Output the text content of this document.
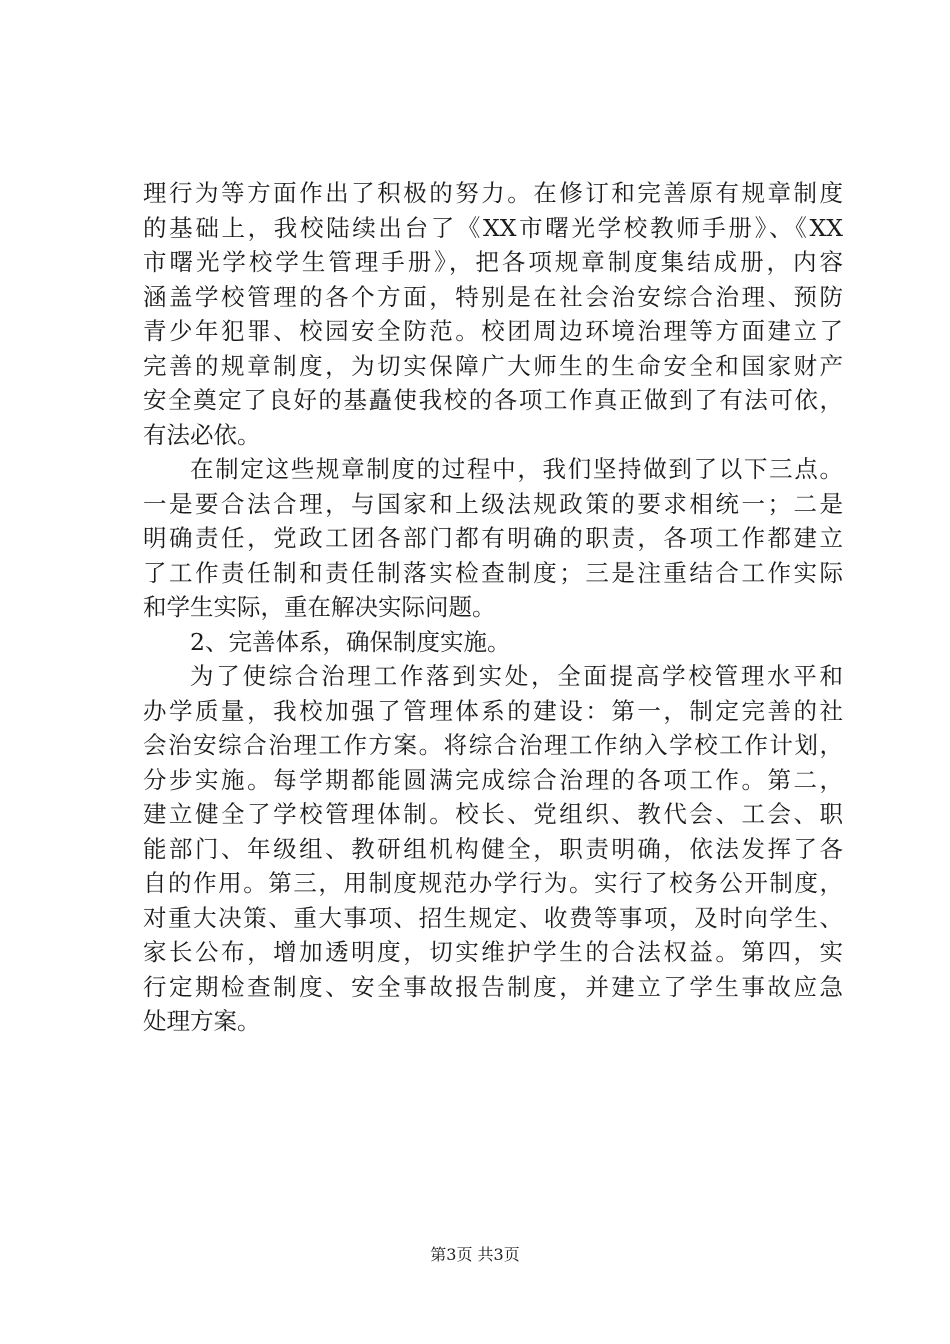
理行为等方面作出了积极的努力。在修订和完善原有规章制度
的基础上，我校陆续出台了《XX市曙光学校教师手册》、《XX
市曙光学校学生管理手册》，把各项规章制度集结成册，内容
涵盖学校管理的各个方面，特别是在社会治安综合治理、预防
青少年犯罪、校园安全防范。校团周边环境治理等方面建立了
完善的规章制度，为切实保障广大师生的生命安全和国家财产
安全奠定了良好的基矗使我校的各项工作真正做到了有法可依，
有法必依。
在制定这些规章制度的过程中，我们坚持做到了以下三点。
一是要合法合理，与国家和上级法规政策的要求相统一；二是
明确责任，党政工团各部门都有明确的职责，各项工作都建立
了工作责任制和责任制落实检查制度；三是注重结合工作实际
和学生实际，重在解决实际问题。
2、完善体系，确保制度实施。
为了使综合治理工作落到实处，全面提高学校管理水平和
办学质量，我校加强了管理体系的建设：第一，制定完善的社
会治安综合治理工作方案。将综合治理工作纳入学校工作计划，
分步实施。每学期都能圆满完成综合治理的各项工作。第二，
建立健全了学校管理体制。校长、党组织、教代会、工会、职
能部门、年级组、教研组机构健全，职责明确，依法发挥了各
自的作用。第三，用制度规范办学行为。实行了校务公开制度，
对重大决策、重大事项、招生规定、收费等事项，及时向学生、
家长公布，增加透明度，切实维护学生的合法权益。第四，实
行定期检查制度、安全事故报告制度，并建立了学生事故应急
处理方案。
第3页 共3页
